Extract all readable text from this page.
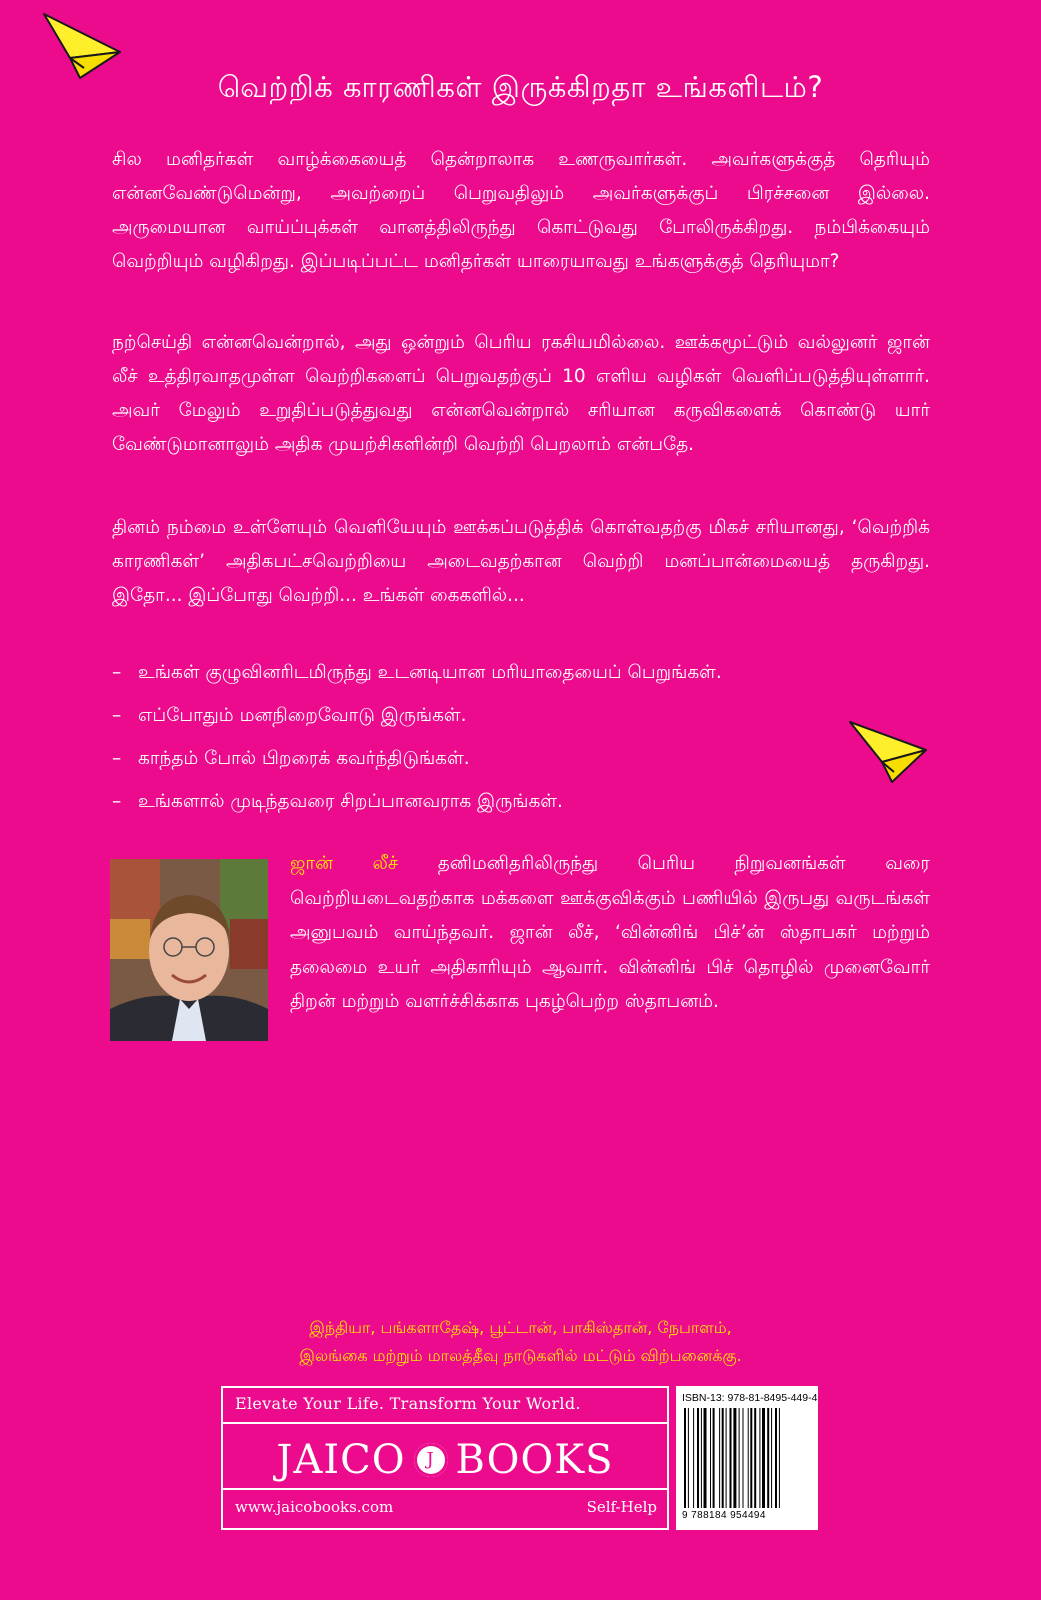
வெற்றிக் காரணிகள் இருக்கிறதா உங்களிடம்?

சில மனிதர்கள் வாழ்க்கையைத் தென்றாலாக உணருவார்கள். அவர்களுக்குத் தெரியும் என்னவேண்டுமென்று, அவற்றைப் பெறுவதிலும் அவர்களுக்குப் பிரச்சனை இல்லை. அருமையான வாய்ப்புக்கள் வானத்திலிருந்து கொட்டுவது போலிருக்கிறது. நம்பிக்கையும் வெற்றியும் வழிகிறது. இப்படிப்பட்ட மனிதர்கள் யாரையாவது உங்களுக்குத் தெரியுமா?

நற்செய்தி என்னவென்றால், அது ஒன்றும் பெரிய ரகசியமில்லை. ஊக்கமூட்டும் வல்லுனர் ஜான் லீச் உத்திரவாதமுள்ள வெற்றிகளைப் பெறுவதற்குப் 10 எளிய வழிகள் வெளிப்படுத்தியுள்ளார். அவர் மேலும் உறுதிப்படுத்துவது என்னவென்றால் சரியான கருவிகளைக் கொண்டு யார் வேண்டுமானாலும் அதிக முயற்சிகளின்றி வெற்றி பெறலாம் என்பதே.

தினம் நம்மை உள்ளேயும் வெளியேயும் ஊக்கப்படுத்திக் கொள்வதற்கு மிகச் சரியானது, ‘வெற்றிக் காரணிகள்’ அதிகபட்சவெற்றியை அடைவதற்கான வெற்றி மனப்பான்மையைத் தருகிறது. இதோ... இப்போது வெற்றி... உங்கள் கைகளில்...

– உங்கள் குழுவினரிடமிருந்து உடனடியான மரியாதையைப் பெறுங்கள்.
– எப்போதும் மனநிறைவோடு இருங்கள்.
– காந்தம் போல் பிறரைக் கவர்ந்திடுங்கள்.
– உங்களால் முடிந்தவரை சிறப்பானவராக இருங்கள்.

ஜான் லீச் தனிமனிதரிலிருந்து பெரிய நிறுவனங்கள் வரை வெற்றியடைவதற்காக மக்களை ஊக்குவிக்கும் பணியில் இருபது வருடங்கள் அனுபவம் வாய்ந்தவர். ஜான் லீச், ‘வின்னிங் பிச்’ன் ஸ்தாபகர் மற்றும் தலைமை உயர் அதிகாரியும் ஆவார். வின்னிங் பிச் தொழில் முனைவோர் திறன் மற்றும் வளர்ச்சிக்காக புகழ்பெற்ற ஸ்தாபனம்.

இந்தியா, பங்களாதேஷ், பூட்டான், பாகிஸ்தான், நேபாளம்,
இலங்கை மற்றும் மாலத்தீவு நாடுகளில் மட்டும் விற்பனைக்கு.
Elevate Your Life. Transform Your World.
JAICO J BOOKS
www.jaicobooks.com	Self-Help
ISBN-13: 978-81-8495-449-4
9 788184 954494
